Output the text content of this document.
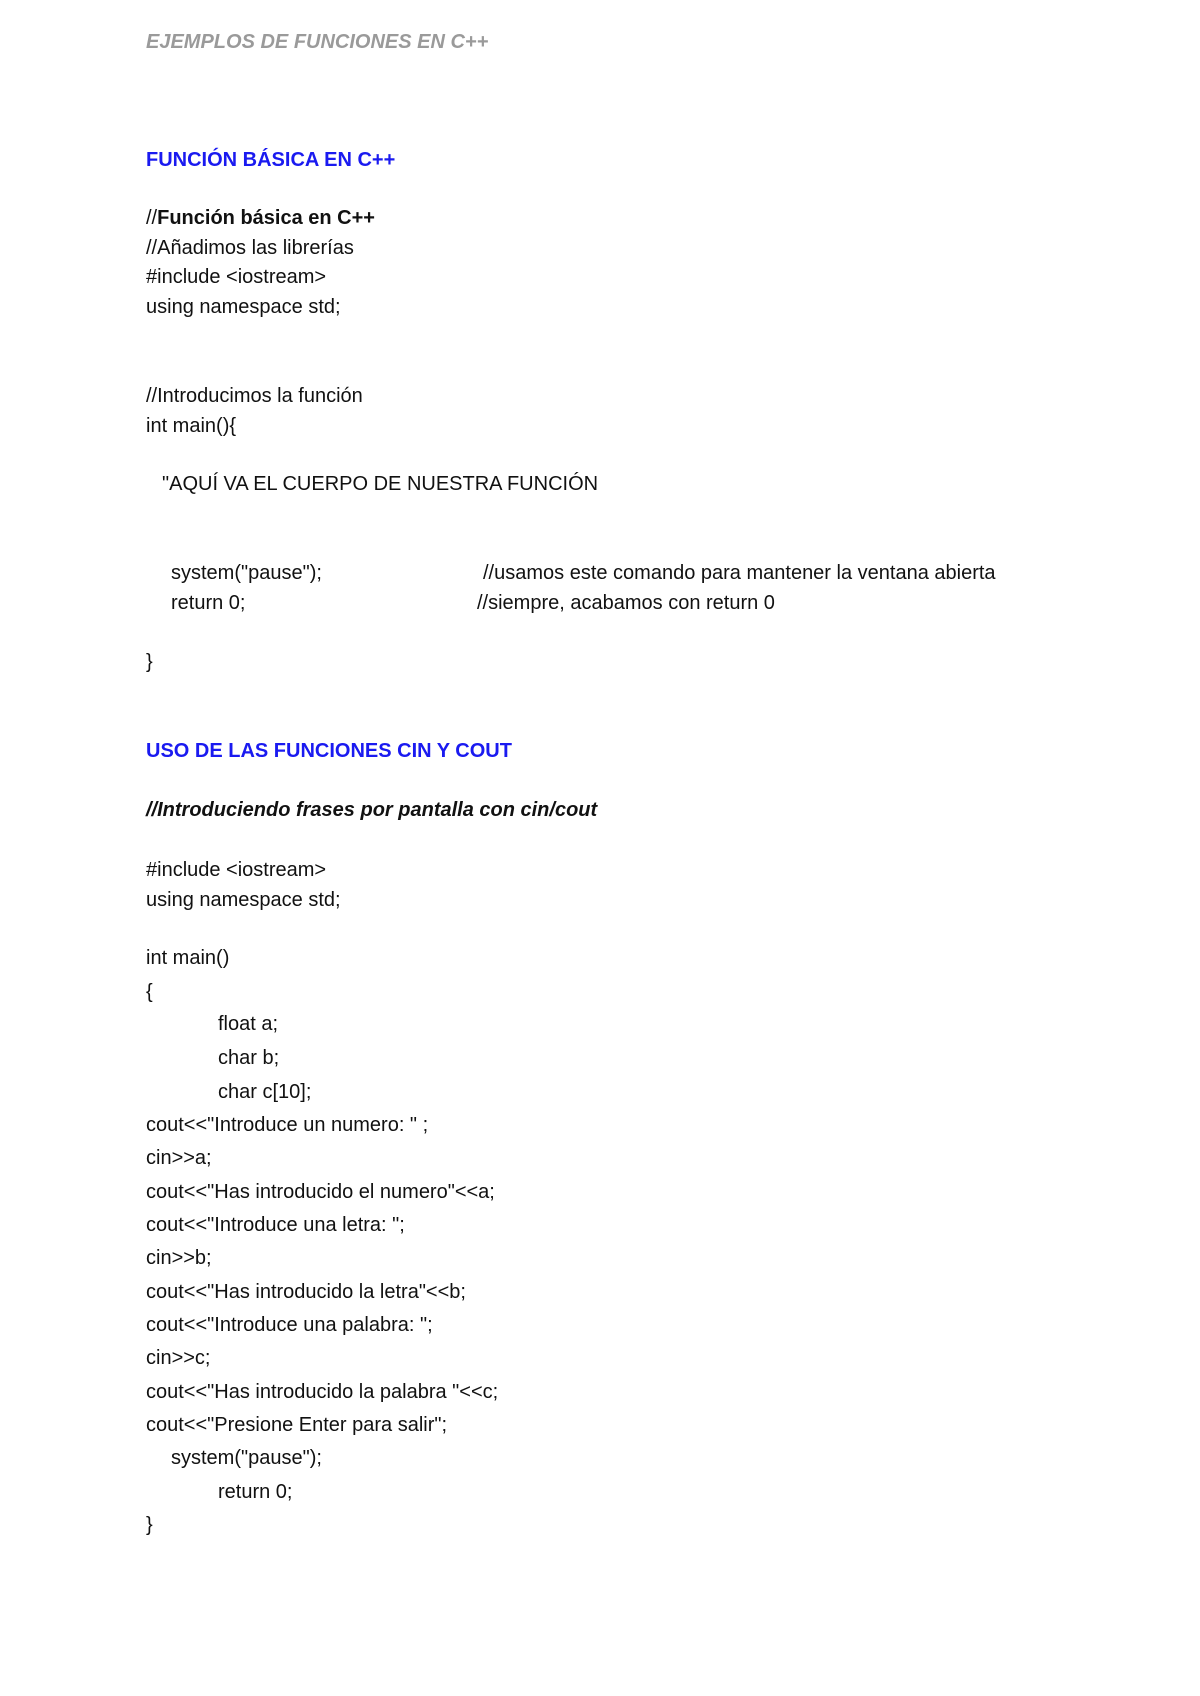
EJEMPLOS DE FUNCIONES EN C++
FUNCIÓN BÁSICA EN C++
//Función básica en C++
//Añadimos las librerías
#include <iostream>
using namespace std;
//Introducimos la función
int main(){
"AQUÍ VA EL CUERPO DE NUESTRA FUNCIÓN
system("pause");	//usamos este comando para mantener la ventana abierta
return 0;	//siempre, acabamos con return 0
}
USO DE LAS FUNCIONES CIN Y COUT
//Introduciendo frases por pantalla con cin/cout
#include <iostream>
using namespace std;
int main()
{
float a;
char b;
char c[10];
cout<<"Introduce un numero: " ;
cin>>a;
cout<<"Has introducido el numero"<<a;
cout<<"Introduce una letra: ";
cin>>b;
cout<<"Has introducido la letra"<<b;
cout<<"Introduce una palabra: ";
cin>>c;
cout<<"Has introducido la palabra "<<c;
cout<<"Presione Enter para salir";
system("pause");
return 0;
}
